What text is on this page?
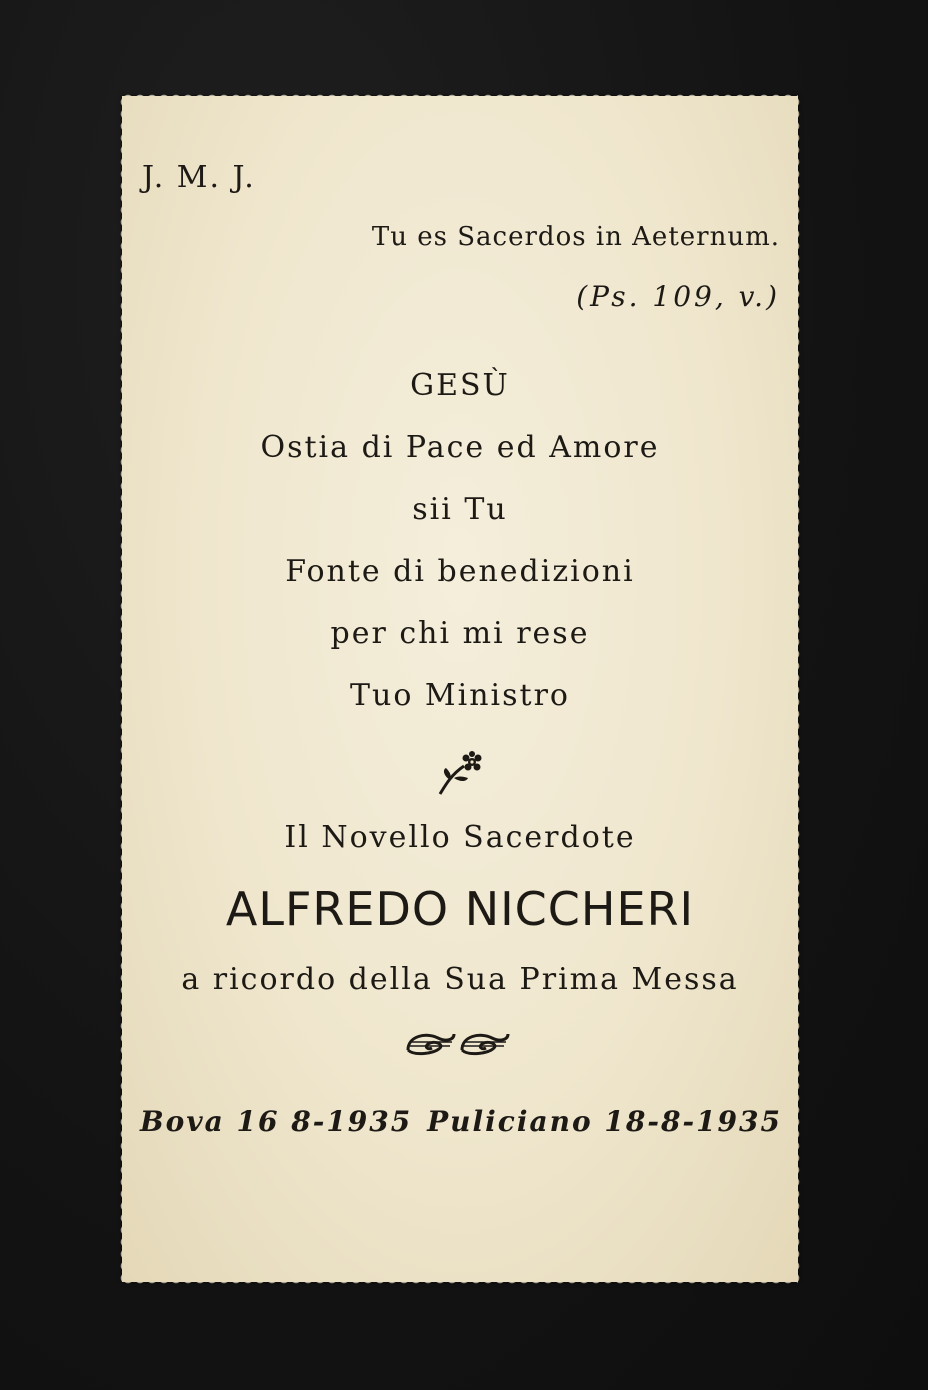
J. M. J.
Tu es Sacerdos in Aeternum.
(Ps. 109, v.)
GESÙ
Ostia di Pace ed Amore
sii Tu
Fonte di benedizioni
per chi mi rese
Tuo Ministro
Il Novello Sacerdote
ALFREDO NICCHERI
a ricordo della Sua Prima Messa
Bova 16 8-1935 Puliciano 18-8-1935
